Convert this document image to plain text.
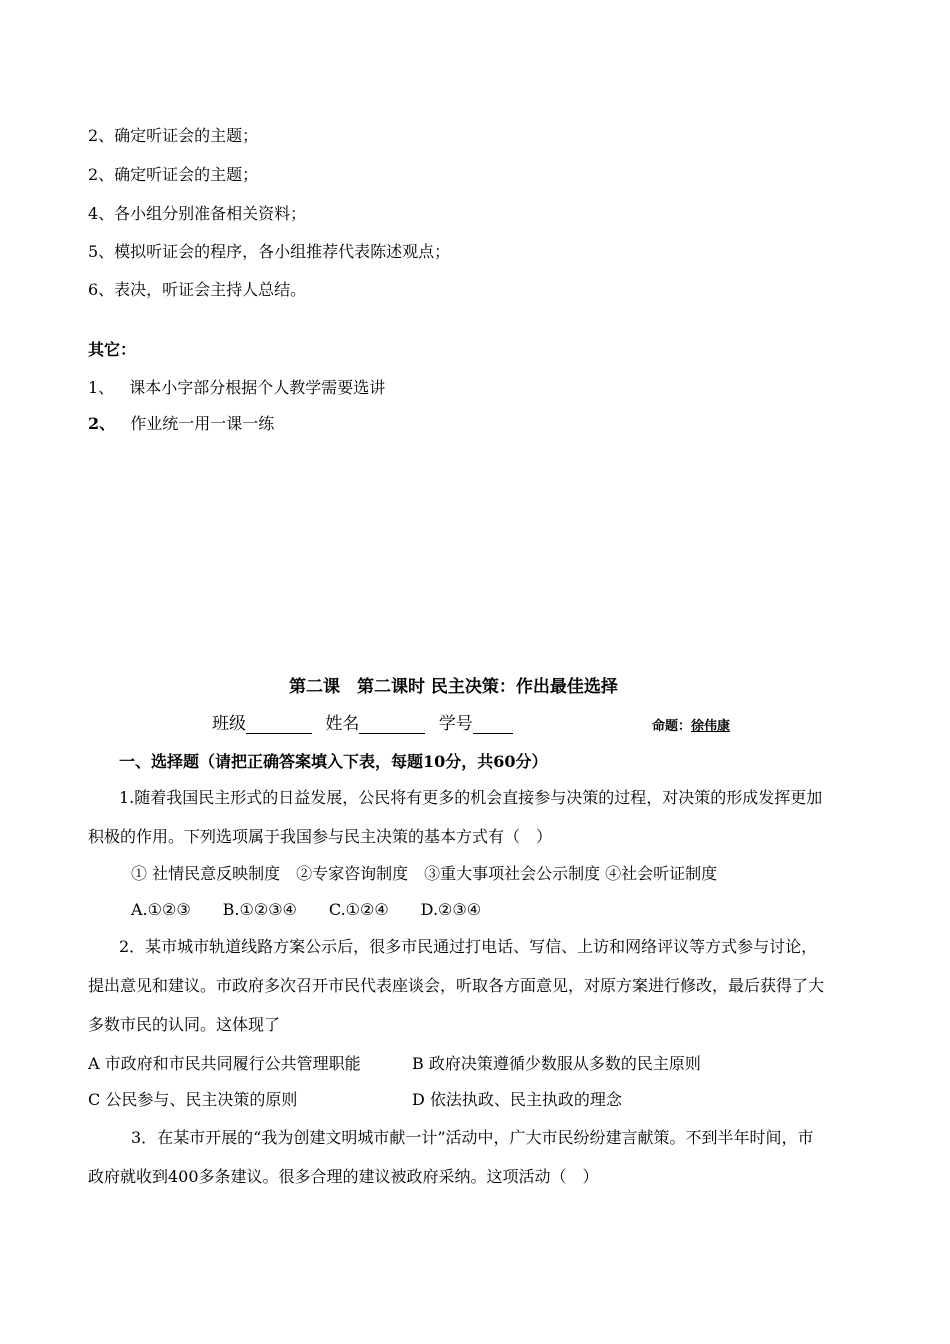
2、确定听证会的主题；
2、确定听证会的主题；
4、各小组分别准备相关资料；
5、模拟听证会的程序，各小组推荐代表陈述观点；
6、表决，听证会主持人总结。
其它：
1、 课本小字部分根据个人教学需要选讲
2、 作业统一用一课一练
第二课　第二课时 民主决策：作出最佳选择
班级	姓名	学号	命题：徐伟康
一、选择题（请把正确答案填入下表，每题10分，共60分）
1.随着我国民主形式的日益发展，公民将有更多的机会直接参与决策的过程，对决策的形成发挥更加
积极的作用。下列选项属于我国参与民主决策的基本方式有（　）
① 社情民意反映制度　②专家咨询制度　③重大事项社会公示制度 ④社会听证制度
A.①②③　　B.①②③④　　C.①②④　　D.②③④
2．某市城市轨道线路方案公示后，很多市民通过打电话、写信、上访和网络评议等方式参与讨论，
提出意见和建议。市政府多次召开市民代表座谈会，听取各方面意见，对原方案进行修改，最后获得了大
多数市民的认同。这体现了
A 市政府和市民共同履行公共管理职能	B 政府决策遵循少数服从多数的民主原则
C 公民参与、民主决策的原则	D 依法执政、民主执政的理念
3．在某市开展的“我为创建文明城市献一计”活动中，广大市民纷纷建言献策。不到半年时间，市
政府就收到400多条建议。很多合理的建议被政府采纳。这项活动（　）
